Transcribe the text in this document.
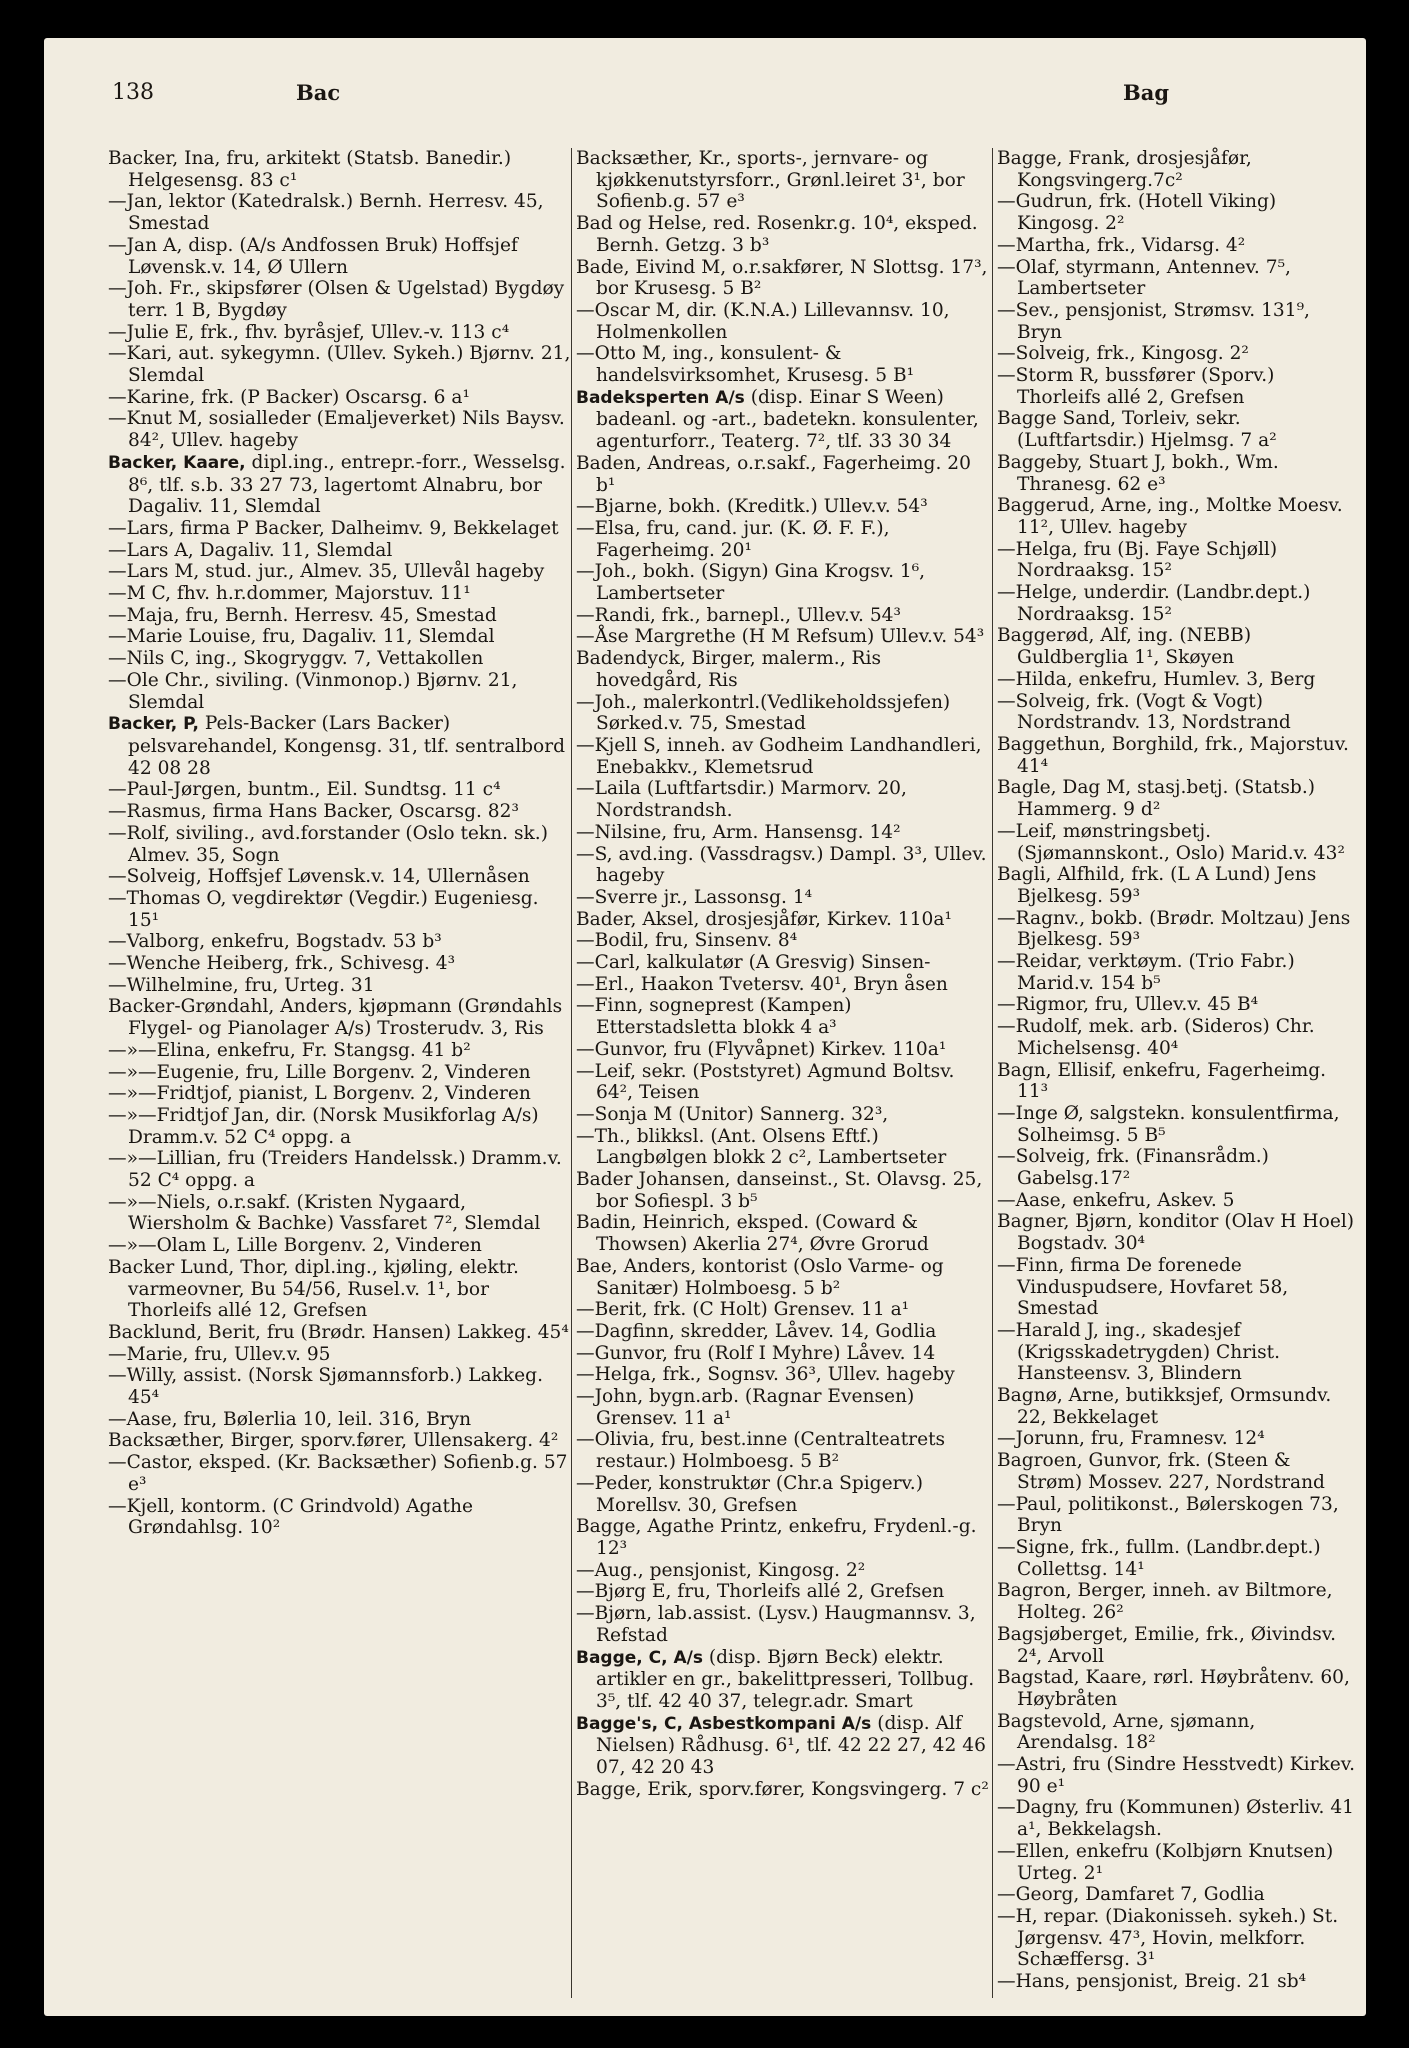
138	Bac	Bag
Backer, Ina, fru, arkitekt (Statsb. Banedir.) Helgesensg. 83 c¹
—Jan, lektor (Katedralsk.) Bernh. Herresv. 45, Smestad
—Jan A, disp. (A/s Andfossen Bruk) Hoffsjef Løvensk.v. 14, Ø Ullern
—Joh. Fr., skipsfører (Olsen & Ugelstad) Bygdøy terr. 1 B, Bygdøy
—Julie E, frk., fhv. byråsjef, Ullev.-v. 113 c⁴
—Kari, aut. sykegymn. (Ullev. Sykeh.) Bjørnv. 21, Slemdal
—Karine, frk. (P Backer) Oscarsg. 6 a¹
—Knut M, sosialleder (Emaljeverket) Nils Baysv. 84², Ullev. hageby
Backer, Kaare, dipl.ing., entrepr.-forr., Wesselsg. 8⁶, tlf. s.b. 33 27 73, lagertomt Alnabru, bor Dagaliv. 11, Slemdal
—Lars, firma P Backer, Dalheimv. 9, Bekkelaget
—Lars A, Dagaliv. 11, Slemdal
—Lars M, stud. jur., Almev. 35, Ullevål hageby
—M C, fhv. h.r.dommer, Majorstuv. 11¹
—Maja, fru, Bernh. Herresv. 45, Smestad
—Marie Louise, fru, Dagaliv. 11, Slemdal
—Nils C, ing., Skogryggv. 7, Vettakollen
—Ole Chr., siviling. (Vinmonop.) Bjørnv. 21, Slemdal
Backer, P, Pels-Backer (Lars Backer) pelsvarehandel, Kongensg. 31, tlf. sentralbord 42 08 28
—Paul-Jørgen, buntm., Eil. Sundtsg. 11 c⁴
—Rasmus, firma Hans Backer, Oscarsg. 82³
—Rolf, siviling., avd.forstander (Oslo tekn. sk.) Almev. 35, Sogn
—Solveig, Hoffsjef Løvensk.v. 14, Ullernåsen
—Thomas O, vegdirektør (Vegdir.) Eugeniesg. 15¹
—Valborg, enkefru, Bogstadv. 53 b³
—Wenche Heiberg, frk., Schivesg. 4³
—Wilhelmine, fru, Urteg. 31
Backer-Grøndahl, Anders, kjøpmann (Grøndahls Flygel- og Pianolager A/s) Trosterudv. 3, Ris
—»—Elina, enkefru, Fr. Stangsg. 41 b²
—»—Eugenie, fru, Lille Borgenv. 2, Vinderen
—»—Fridtjof, pianist, L Borgenv. 2, Vinderen
—»—Fridtjof Jan, dir. (Norsk Musikforlag A/s) Dramm.v. 52 C⁴ oppg. a
—»—Lillian, fru (Treiders Handelssk.) Dramm.v. 52 C⁴ oppg. a
—»—Niels, o.r.sakf. (Kristen Nygaard, Wiersholm & Bachke) Vassfaret 7², Slemdal
—»—Olam L, Lille Borgenv. 2, Vinderen
Backer Lund, Thor, dipl.ing., kjøling, elektr. varmeovner, Bu 54/56, Rusel.v. 1¹, bor Thorleifs allé 12, Grefsen
Backlund, Berit, fru (Brødr. Hansen) Lakkeg. 45⁴
—Marie, fru, Ullev.v. 95
—Willy, assist. (Norsk Sjømannsforb.) Lakkeg. 45⁴
—Aase, fru, Bølerlia 10, leil. 316, Bryn
Backsæther, Birger, sporv.fører, Ullensakerg. 4²
—Castor, eksped. (Kr. Backsæther) Sofienb.g. 57 e³
—Kjell, kontorm. (C Grindvold) Agathe Grøndahlsg. 10²
Backsæther, Kr., sports-, jernvare- og kjøkkenutstyrsforr., Grønl.leiret 3¹, bor Sofienb.g. 57 e³
Bad og Helse, red. Rosenkr.g. 10⁴, eksped. Bernh. Getzg. 3 b³
Bade, Eivind M, o.r.sakfører, N Slottsg. 17³, bor Krusesg. 5 B²
—Oscar M, dir. (K.N.A.) Lillevannsv. 10, Holmenkollen
—Otto M, ing., konsulent- & handelsvirksomhet, Krusesg. 5 B¹
Badeksperten A/s (disp. Einar S Ween) badeanl. og -art., badetekn. konsulenter, agenturforr., Teaterg. 7², tlf. 33 30 34
Baden, Andreas, o.r.sakf., Fagerheimg. 20 b¹
—Bjarne, bokh. (Kreditk.) Ullev.v. 54³
—Elsa, fru, cand. jur. (K. Ø. F. F.), Fagerheimg. 20¹
—Joh., bokh. (Sigyn) Gina Krogsv. 1⁶, Lambertseter
—Randi, frk., barnepl., Ullev.v. 54³
—Åse Margrethe (H M Refsum) Ullev.v. 54³
Badendyck, Birger, malerm., Ris hovedgård, Ris
—Joh., malerkontrl.(Vedlikeholdssjefen) Sørked.v. 75, Smestad
—Kjell S, inneh. av Godheim Landhandleri, Enebakkv., Klemetsrud
—Laila (Luftfartsdir.) Marmorv. 20, Nordstrandsh.
—Nilsine, fru, Arm. Hansensg. 14²
—S, avd.ing. (Vassdragsv.) Dampl. 3³, Ullev. hageby
—Sverre jr., Lassonsg. 1⁴
Bader, Aksel, drosjesjåfør, Kirkev. 110a¹
—Bodil, fru, Sinsenv. 8⁴
—Carl, kalkulatør (A Gresvig) Sinsen-
—Erl., Haakon Tvetersv. 40¹, Bryn åsen
—Finn, sogneprest (Kampen) Etterstadsletta blokk 4 a³
—Gunvor, fru (Flyvåpnet) Kirkev. 110a¹
—Leif, sekr. (Poststyret) Agmund Boltsv. 64², Teisen
—Sonja M (Unitor) Sannerg. 32³,
—Th., blikksl. (Ant. Olsens Eftf.) Langbølgen blokk 2 c², Lambertseter
Bader Johansen, danseinst., St. Olavsg. 25, bor Sofiespl. 3 b⁵
Badin, Heinrich, eksped. (Coward & Thowsen) Akerlia 27⁴, Øvre Grorud
Bae, Anders, kontorist (Oslo Varme- og Sanitær) Holmboesg. 5 b²
—Berit, frk. (C Holt) Grensev. 11 a¹
—Dagfinn, skredder, Låvev. 14, Godlia
—Gunvor, fru (Rolf I Myhre) Låvev. 14
—Helga, frk., Sognsv. 36³, Ullev. hageby
—John, bygn.arb. (Ragnar Evensen) Grensev. 11 a¹
—Olivia, fru, best.inne (Centralteatrets restaur.) Holmboesg. 5 B²
—Peder, konstruktør (Chr.a Spigerv.) Morellsv. 30, Grefsen
Bagge, Agathe Printz, enkefru, Frydenl.-g. 12³
—Aug., pensjonist, Kingosg. 2²
—Bjørg E, fru, Thorleifs allé 2, Grefsen
—Bjørn, lab.assist. (Lysv.) Haugmannsv. 3, Refstad
Bagge, C, A/s (disp. Bjørn Beck) elektr. artikler en gr., bakelittpresseri, Tollbug. 3⁵, tlf. 42 40 37, telegr.adr. Smart
Bagge's, C, Asbestkompani A/s (disp. Alf Nielsen) Rådhusg. 6¹, tlf. 42 22 27, 42 46 07, 42 20 43
Bagge, Erik, sporv.fører, Kongsvingerg. 7 c²
Bagge, Frank, drosjesjåfør, Kongsvingerg.7c²
—Gudrun, frk. (Hotell Viking) Kingosg. 2²
—Martha, frk., Vidarsg. 4²
—Olaf, styrmann, Antennev. 7⁵, Lambertseter
—Sev., pensjonist, Strømsv. 131⁹, Bryn
—Solveig, frk., Kingosg. 2²
—Storm R, bussfører (Sporv.) Thorleifs allé 2, Grefsen
Bagge Sand, Torleiv, sekr. (Luftfartsdir.) Hjelmsg. 7 a²
Baggeby, Stuart J, bokh., Wm. Thranesg. 62 e³
Baggerud, Arne, ing., Moltke Moesv. 11², Ullev. hageby
—Helga, fru (Bj. Faye Schjøll) Nordraaksg. 15²
—Helge, underdir. (Landbr.dept.) Nordraaksg. 15²
Baggerød, Alf, ing. (NEBB) Guldberglia 1¹, Skøyen
—Hilda, enkefru, Humlev. 3, Berg
—Solveig, frk. (Vogt & Vogt) Nordstrandv. 13, Nordstrand
Baggethun, Borghild, frk., Majorstuv. 41⁴
Bagle, Dag M, stasj.betj. (Statsb.) Hammerg. 9 d²
—Leif, mønstringsbetj. (Sjømannskont., Oslo) Marid.v. 43²
Bagli, Alfhild, frk. (L A Lund) Jens Bjelkesg. 59³
—Ragnv., bokb. (Brødr. Moltzau) Jens Bjelkesg. 59³
—Reidar, verktøym. (Trio Fabr.) Marid.v. 154 b⁵
—Rigmor, fru, Ullev.v. 45 B⁴
—Rudolf, mek. arb. (Sideros) Chr. Michelsensg. 40⁴
Bagn, Ellisif, enkefru, Fagerheimg. 11³
—Inge Ø, salgstekn. konsulentfirma, Solheimsg. 5 B⁵
—Solveig, frk. (Finansrådm.) Gabelsg.17²
—Aase, enkefru, Askev. 5
Bagner, Bjørn, konditor (Olav H Hoel) Bogstadv. 30⁴
—Finn, firma De forenede Vinduspudsere, Hovfaret 58, Smestad
—Harald J, ing., skadesjef (Krigsskadetrygden) Christ. Hansteensv. 3, Blindern
Bagnø, Arne, butikksjef, Ormsundv. 22, Bekkelaget
—Jorunn, fru, Framnesv. 12⁴
Bagroen, Gunvor, frk. (Steen & Strøm) Mossev. 227, Nordstrand
—Paul, politikonst., Bølerskogen 73, Bryn
—Signe, frk., fullm. (Landbr.dept.) Collettsg. 14¹
Bagron, Berger, inneh. av Biltmore, Holteg. 26²
Bagsjøberget, Emilie, frk., Øivindsv. 2⁴, Arvoll
Bagstad, Kaare, rørl. Høybråtenv. 60, Høybråten
Bagstevold, Arne, sjømann, Arendalsg. 18²
—Astri, fru (Sindre Hesstvedt) Kirkev. 90 e¹
—Dagny, fru (Kommunen) Østerliv. 41 a¹, Bekkelagsh.
—Ellen, enkefru (Kolbjørn Knutsen) Urteg. 2¹
—Georg, Damfaret 7, Godlia
—H, repar. (Diakonisseh. sykeh.) St. Jørgensv. 47³, Hovin, melkforr. Schæffersg. 3¹
—Hans, pensjonist, Breig. 21 sb⁴
